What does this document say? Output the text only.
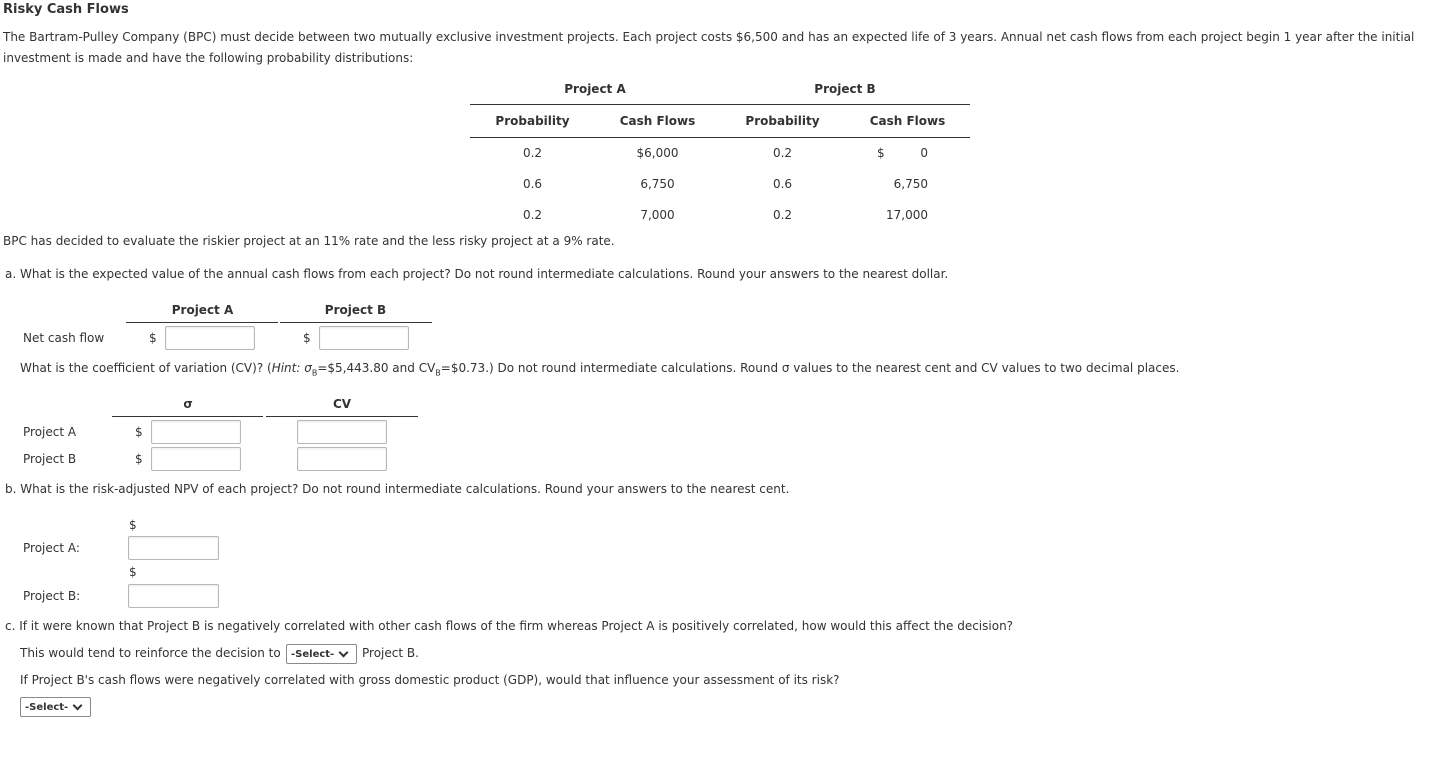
Risky Cash Flows
The Bartram-Pulley Company (BPC) must decide between two mutually exclusive investment projects. Each project costs $6,500 and has an expected life of 3 years. Annual net cash flows from each project begin 1 year after the initial investment is made and have the following probability distributions:
Project A	Project B
Probability	Cash Flows	Probability	Cash Flows
0.2	$6,000	0.2	$	0
0.6	6,750	0.6	6,750
0.2	7,000	0.2	17,000
BPC has decided to evaluate the riskier project at an 11% rate and the less risky project at a 9% rate.
a. What is the expected value of the annual cash flows from each project? Do not round intermediate calculations. Round your answers to the nearest dollar.
Project A	Project B
Net cash flow	$	$
What is the coefficient of variation (CV)? (Hint: $\sigma_B=\$5,443.80$ and $CV_B=\$0.73$.) Do not round intermediate calculations. Round σ values to the nearest cent and CV values to two decimal places.
σ	CV
Project A	$
Project B	$
b. What is the risk-adjusted NPV of each project? Do not round intermediate calculations. Round your answers to the nearest cent.
$
Project A:
$
Project B:
c. If it were known that Project B is negatively correlated with other cash flows of the firm whereas Project A is positively correlated, how would this affect the decision?
This would tend to reinforce the decision to -Select- Project B.
If Project B's cash flows were negatively correlated with gross domestic product (GDP), would that influence your assessment of its risk?
-Select-
